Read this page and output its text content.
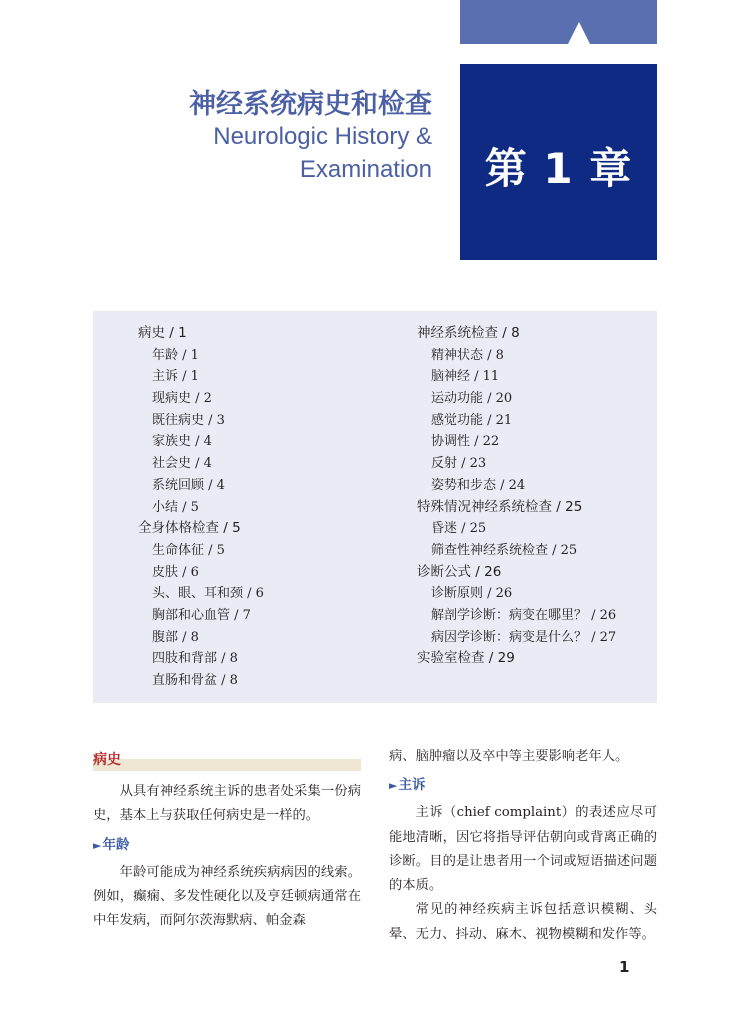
神经系统病史和检查
Neurologic History &
Examination 第 1 章
病史 / 1
年龄 / 1
主诉 / 1
现病史 / 2
既往病史 / 3
家族史 / 4
社会史 / 4
系统回顾 / 4
小结 / 5
全身体格检查 / 5
生命体征 / 5
皮肤 / 6
头、眼、耳和颈 / 6
胸部和心血管 / 7
腹部 / 8
四肢和背部 / 8
直肠和骨盆 / 8
神经系统检查 / 8
精神状态 / 8
脑神经 / 11
运动功能 / 20
感觉功能 / 21
协调性 / 22
反射 / 23
姿势和步态 / 24
特殊情况神经系统检查 / 25
昏迷 / 25
筛查性神经系统检查 / 25
诊断公式 / 26
诊断原则 / 26
解剖学诊断：病变在哪里？ / 26
病因学诊断：病变是什么？ / 27
实验室检查 / 29
病史

从具有神经系统主诉的患者处采集一份病史，基本上与获取任何病史是一样的。

►年龄

年龄可能成为神经系统疾病病因的线索。例如，癫痫、多发性硬化以及亨廷顿病通常在中年发病，而阿尔茨海默病、帕金森

病、脑肿瘤以及卒中等主要影响老年人。

►主诉

主诉（chief complaint）的表述应尽可能地清晰，因它将指导评估朝向或背离正确的诊断。目的是让患者用一个词或短语描述问题的本质。

常见的神经疾病主诉包括意识模糊、头晕、无力、抖动、麻木、视物模糊和发作等。

1
